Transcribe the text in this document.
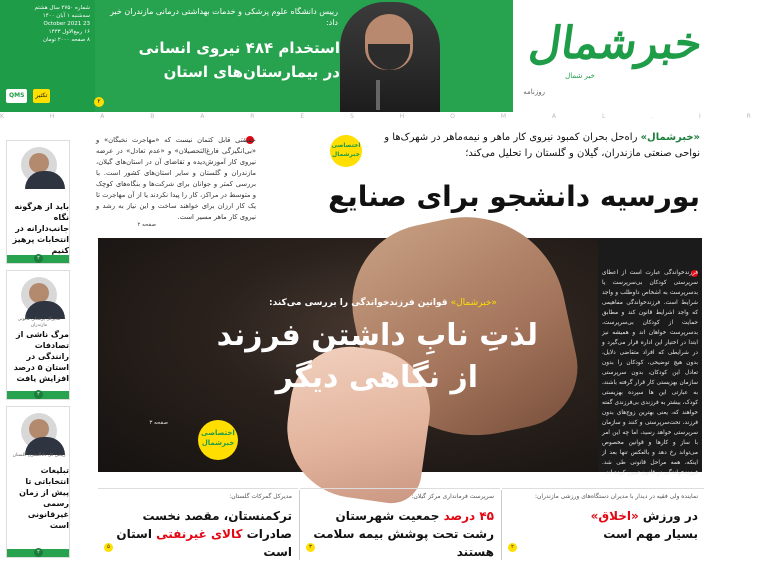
شماره ۲۷۵۰ سال هشتم
سه‌شنبه ۱ آبان ۱۴۰۰
23 October 2021
۱۶ ربیع‌الاول ۱۴۴۳
۸ صفحه ۲۰۰۰ تومان
QMS تکثیر
رییس دانشگاه علوم پزشکی و خدمات بهداشتی درمانی مازندران خبر داد:
استخدام ۴۸۴ نیروی انسانی
در بیمارستان‌های استان
۲
خبرشمال
خبر شمال
روزنامه
K H A B A R E S H O M A L . I R
باید از هرگونه نگاه جانب‌دارانه در انتخابات پرهیز کنیم
۲
مدیرکل پزشکی قانونی مازندران
مرگ ناشی از تصادفات رانندگی در استان ۵ درصد افزایش یافت
۲
رییس کل دادگستری گلستان
تبلیغات انتخاباتی تا پیش از زمان رسمی غیرقانونی است
۲
اختصاصی خبرشمال
«خبرشمال» راه‌حل بحران کمبود نیروی کار ماهر و نیمه‌ماهر در شهرک‌ها و نواحی صنعتی مازندران، گیلان و گلستان را تحلیل می‌کند؛
بورسیه دانشجو برای صنایع
حقیقتی قابل کتمان نیست که «مهاجرت نخبگان» و «بی‌انگیزگی فارغ‌التحصیلان» و «عدم تعادل» در عرضه نیروی کار آموزش‌دیده و تقاضای آن در استان‌های گیلان، مازندران و گلستان و سایر استان‌های کشور است. با بررسی کمتر و جوانان برای شرکت‌ها و بنگاه‌های کوچک و متوسط در مراکز، کار را پیدا نکردند یا از آن مهاجرت تا یک کار ارزان برای خواهند ساخت و این نیاز به رشد و نیروی کار ماهر مسیر است.
صفحه ۲
فرزندخواندگی عبارت است از اعطای سرپرستی کودکان بی‌سرپرست یا بدسرپرست به اشخاص داوطلب و واجد شرایط است. فرزندخواندگی مفاهیمی که واجد اشرایط قانون کند و مطابق حمایت از کودکان بی‌سرپرست، بدسرپرست خواهان اند و همیشه نیز ابتدا در اختیار این اداره قرار می‌گیرد و در شرایطی که افراد متقاضی دلایل، بدون هیچ توضیحی، کودکان را بدون تعادل این کودکان، بدون سرپرستی سازمان بهزیستی کار قرار گرفته باشند، به عبارتی این ها سپرده بهزیستی کودک، بیشتر به فرزندی بی‌فرزندی گفته خواهند که، یعنی بهترین زوج‌های بدون فرزند، تحت‌سرپرستی و کنند و سازمان سرپرستی خواهد رسید، اما چه این امر با ساز و کارها و قوانین مخصوص می‌تواند رخ دهد و بالعکس تنها بعد از اینکه، همه مراحل قانونی طی شد. فرزندخواندگی در قانون تعیین کرده اند.
«خبرشمال» قوانین فرزندخواندگی را بررسی می‌کند:
لذتِ نابِ داشتن فرزند
از نگاهی دیگر
اختصاصی خبرشمال
صفحه ۳
مدیرکل گمرکات گلستان:
ترکمنستان، مقصد نخست صادرات کالای غیرنفتی استان است
۵
سرپرست فرمانداری مرکز گیلان:
۴۵ درصد جمعیت شهرستان رشت تحت پوشش بیمه سلامت هستند
۳
نماینده ولی فقیه در دیدار با مدیران دستگاه‌های ورزشی مازندران:
در ورزش «اخلاق»
بسیار مهم است
۲
